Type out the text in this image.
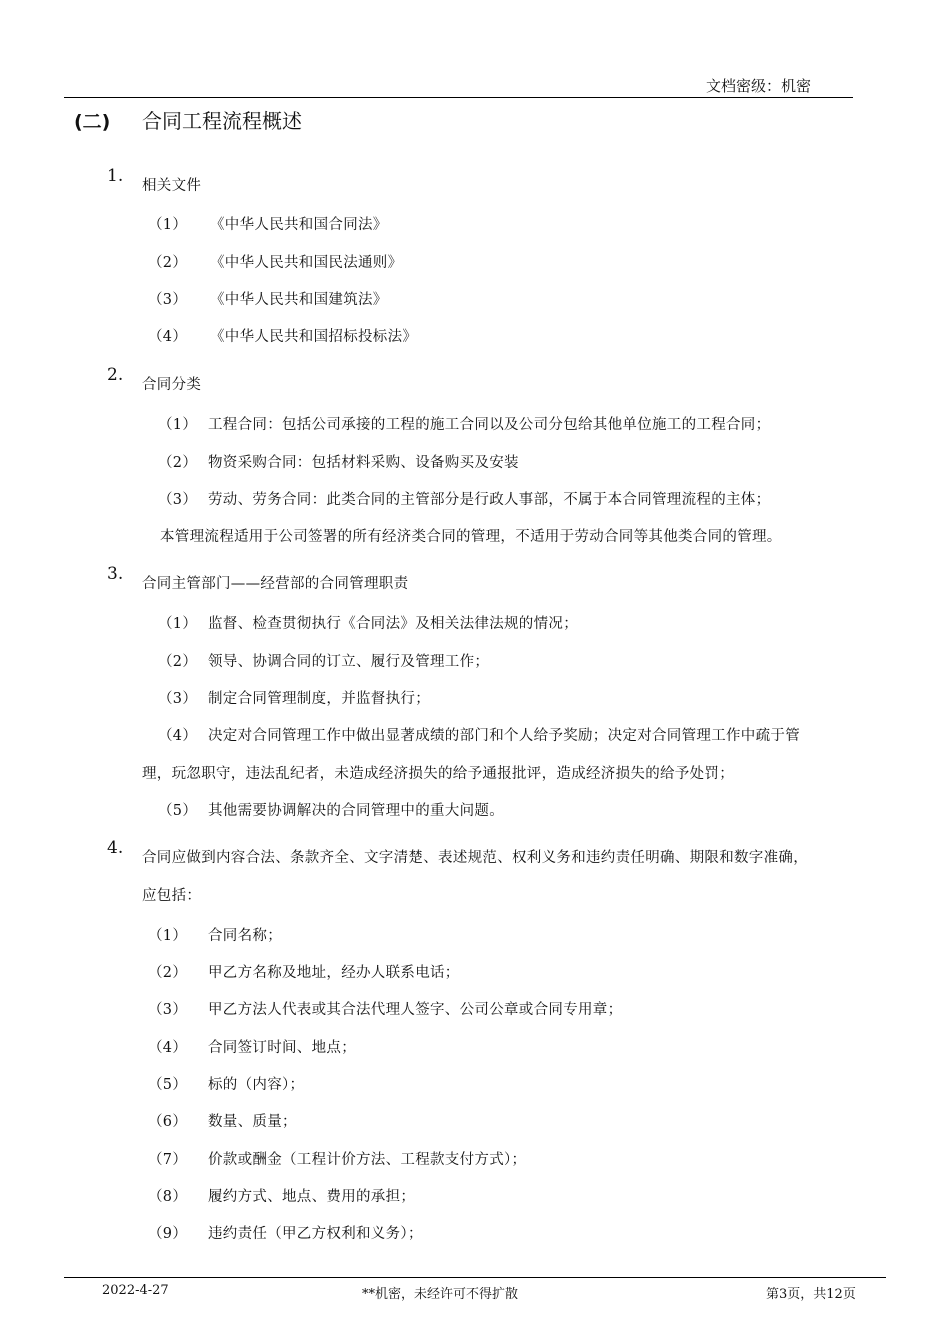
文档密级：机密
(二) 合同工程流程概述
1. 相关文件
（1） 《中华人民共和国合同法》
（2） 《中华人民共和国民法通则》
（3） 《中华人民共和国建筑法》
（4） 《中华人民共和国招标投标法》
2. 合同分类
（1） 工程合同：包括公司承接的工程的施工合同以及公司分包给其他单位施工的工程合同；
（2） 物资采购合同：包括材料采购、设备购买及安装
（3） 劳动、劳务合同：此类合同的主管部分是行政人事部，不属于本合同管理流程的主体；
本管理流程适用于公司签署的所有经济类合同的管理，不适用于劳动合同等其他类合同的管理。
3. 合同主管部门——经营部的合同管理职责
（1） 监督、检查贯彻执行《合同法》及相关法律法规的情况；
（2） 领导、协调合同的订立、履行及管理工作；
（3） 制定合同管理制度，并监督执行；
（4） 决定对合同管理工作中做出显著成绩的部门和个人给予奖励；决定对合同管理工作中疏于管
理，玩忽职守，违法乱纪者，未造成经济损失的给予通报批评，造成经济损失的给予处罚；
（5） 其他需要协调解决的合同管理中的重大问题。
4. 合同应做到内容合法、条款齐全、文字清楚、表述规范、权利义务和违约责任明确、期限和数字准确，
应包括：
（1） 合同名称；
（2） 甲乙方名称及地址，经办人联系电话；
（3） 甲乙方法人代表或其合法代理人签字、公司公章或合同专用章；
（4） 合同签订时间、地点；
（5） 标的（内容）；
（6） 数量、质量；
（7） 价款或酬金（工程计价方法、工程款支付方式）；
（8） 履约方式、地点、费用的承担；
（9） 违约责任（甲乙方权利和义务）；
2022-4-27	**机密，未经许可不得扩散	第3页，共12页
